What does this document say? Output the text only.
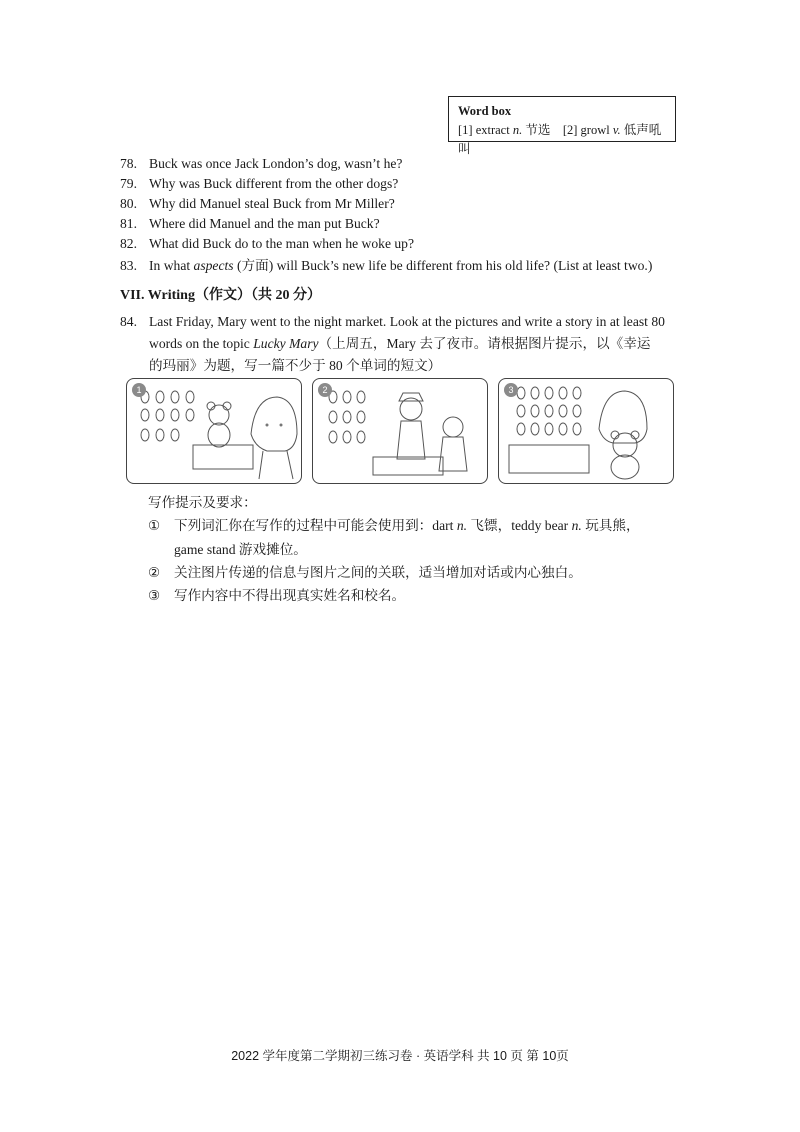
Word box
[1] extract n. 节选 [2] growl v. 低声吼叫
78. Buck was once Jack London’s dog, wasn’t he?
79. Why was Buck different from the other dogs?
80. Why did Manuel steal Buck from Mr Miller?
81. Where did Manuel and the man put Buck?
82. What did Buck do to the man when he woke up?
83. In what aspects (方面) will Buck’s new life be different from his old life? (List at least two.)
VII. Writing（作文）（共 20 分）
84. Last Friday, Mary went to the night market. Look at the pictures and write a story in at least 80
words on the topic Lucky Mary（上周五，Mary 去了夜市。请根据图片提示，以《幸运
的玛丽》为题，写一篇不少于 80 个单词的短文）
1	2	3
写作提示及要求：
① 下列词汇你在写作的过程中可能会使用到：dart n. 飞镖，teddy bear n. 玩具熊，
game stand 游戏摊位。
② 关注图片传递的信息与图片之间的关联，适当增加对话或内心独白。
③ 写作内容中不得出现真实姓名和校名。
2022 学年度第二学期初三练习卷 · 英语学科 共 10 页 第 10页
